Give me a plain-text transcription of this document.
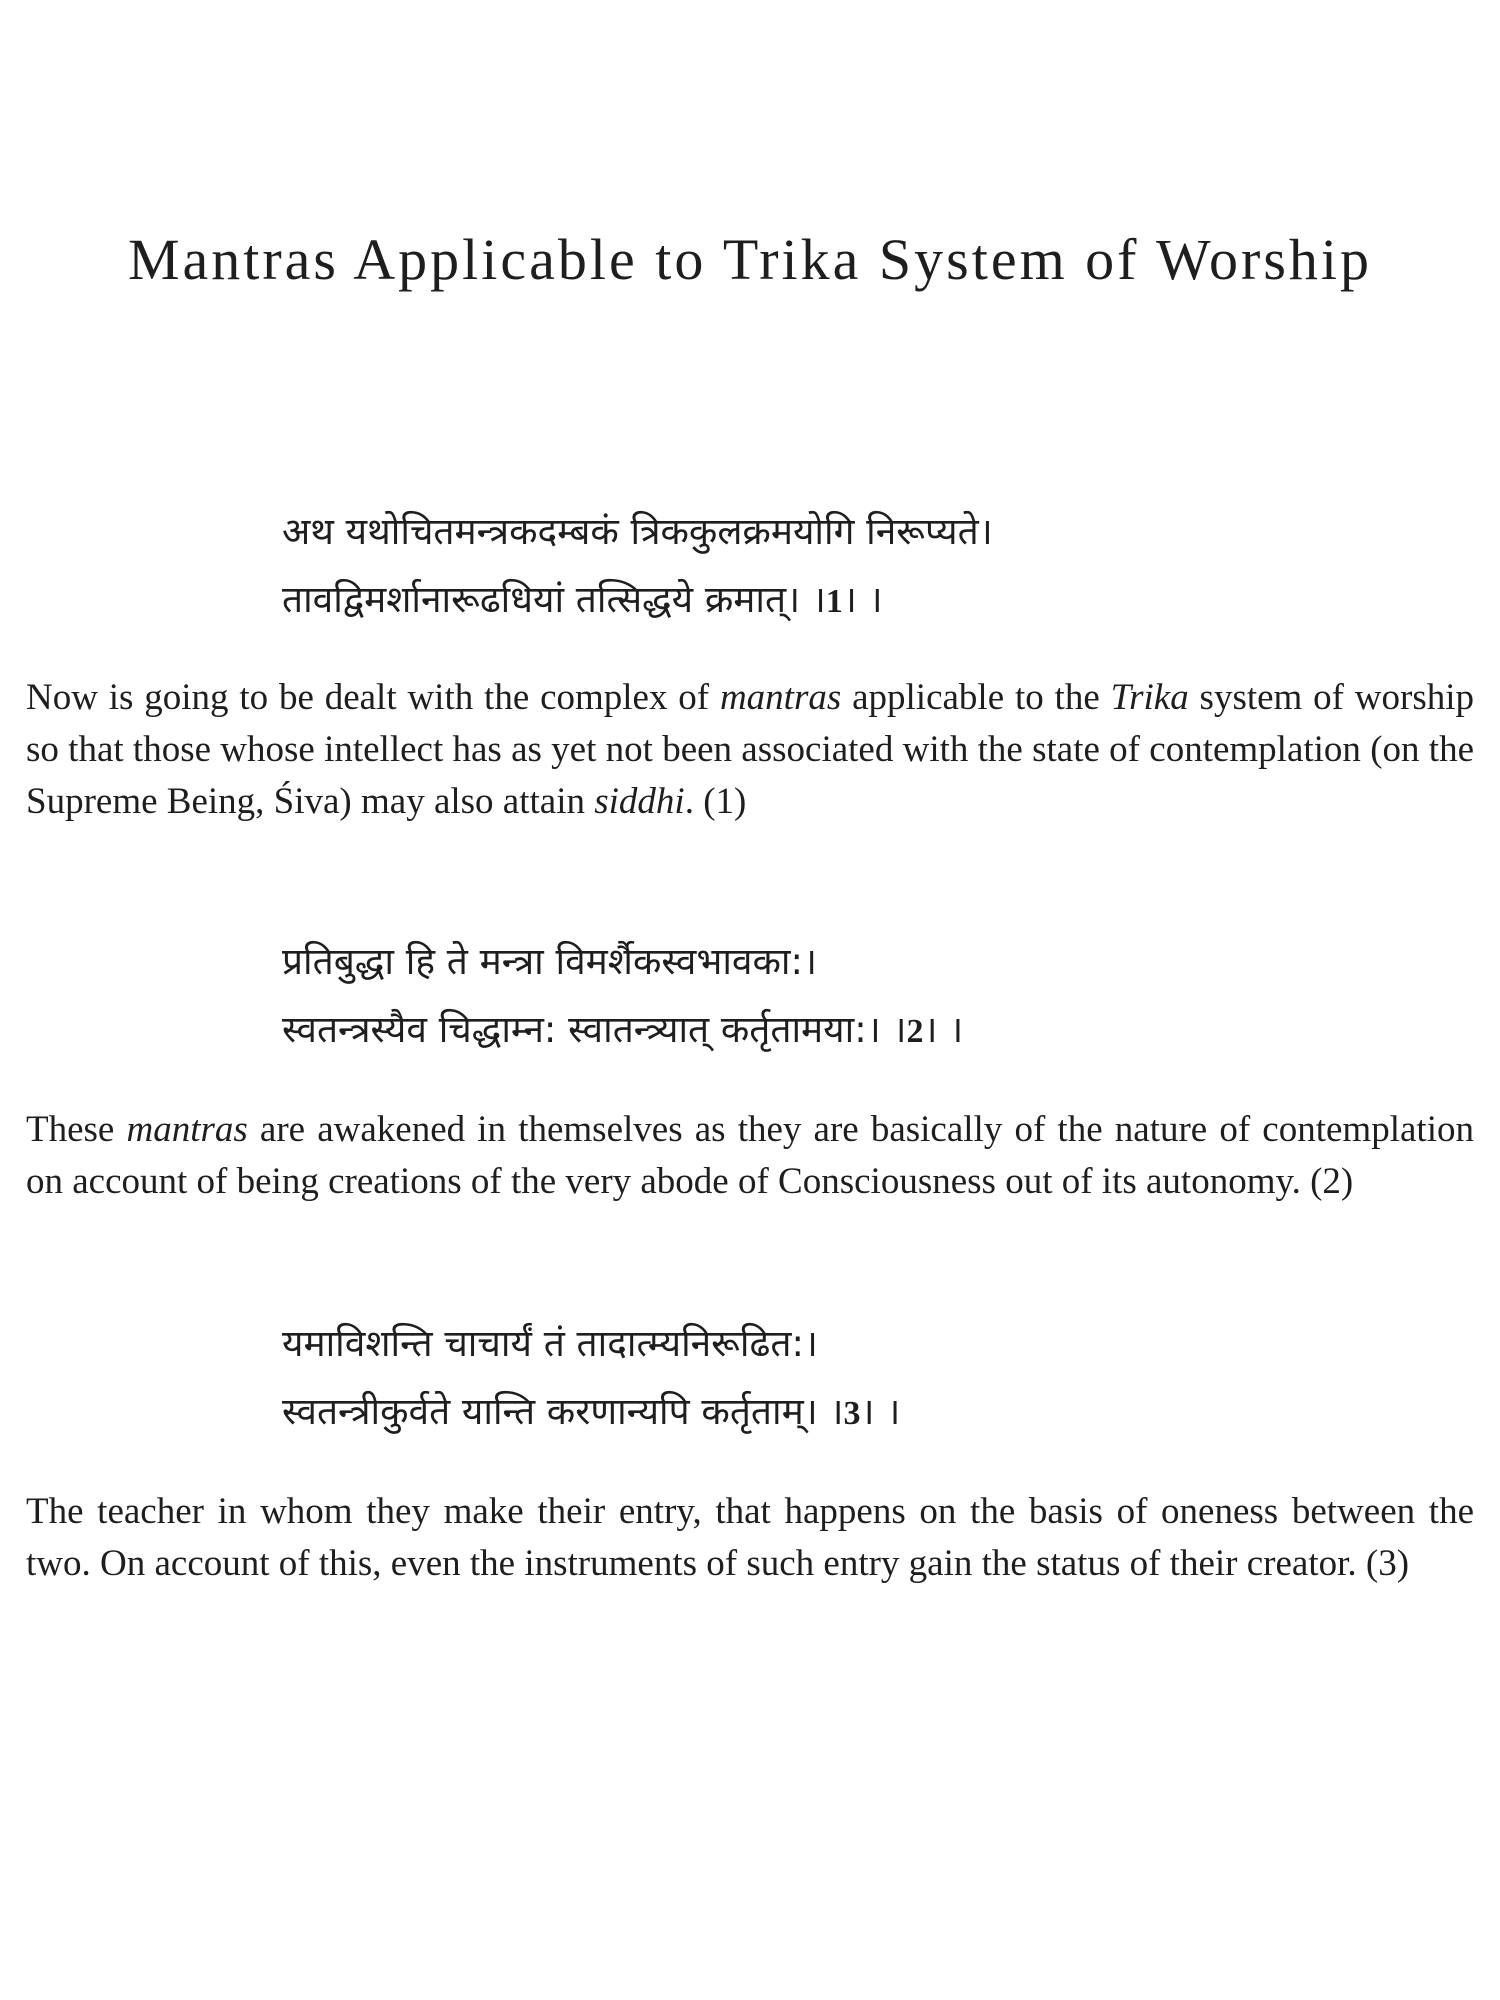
Mantras Applicable to Trika System of Worship
अथ यथोचितमन्त्रकदम्बकं त्रिककुलक्रमयोगि निरूप्यते।
तावद्विमर्शानारूढधियां तत्सिद्धये क्रमात्। ।1। ।

Now is going to be dealt with the complex of mantras applicable to the Trika system of worship so that those whose intellect has as yet not been associated with the state of contemplation (on the Supreme Being, Śiva) may also attain siddhi. (1)

प्रतिबुद्धा हि ते मन्त्रा विमर्शैकस्वभावका:।
स्वतन्त्रस्यैव चिद्धाम्न: स्वातन्त्र्यात् कर्तृतामया:। ।2। ।

These mantras are awakened in themselves as they are basically of the nature of contemplation on account of being creations of the very abode of Consciousness out of its autonomy. (2)

यमाविशन्ति चाचार्यं तं तादात्म्यनिरूढित:।
स्वतन्त्रीकुर्वते यान्ति करणान्यपि कर्तृताम्। ।3। ।

The teacher in whom they make their entry, that happens on the basis of oneness between the two. On account of this, even the instruments of such entry gain the status of their creator. (3)
